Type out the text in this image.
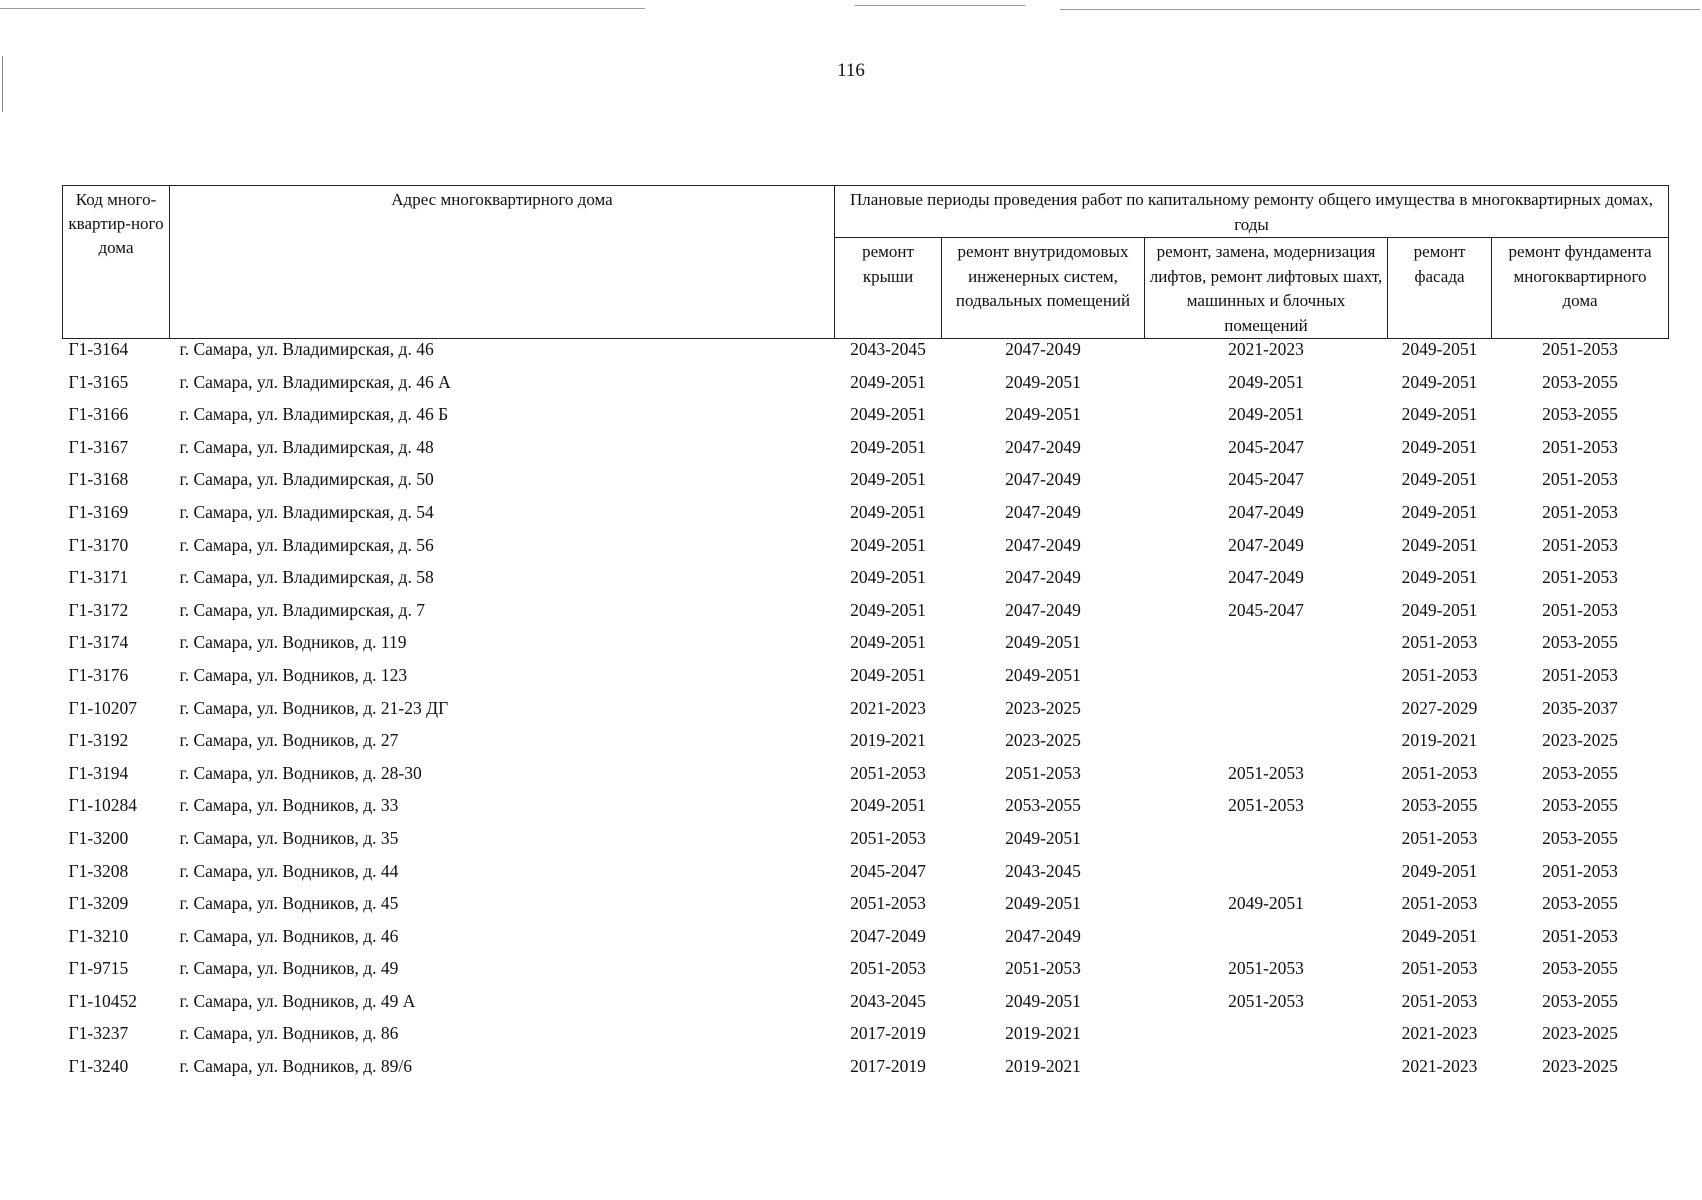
116
Код много-квартир-ного дома	Адрес многоквартирного дома	Плановые периоды проведения работ по капитальному ремонту общего имущества в многоквартирных домах, годы				
		ремонт крыши	ремонт внутридомовых инженерных систем, подвальных помещений	ремонт, замена, модернизация лифтов, ремонт лифтовых шахт, машинных и блочных помещений	ремонт фасада	ремонт фундамента многоквартирного дома
Г1-3164	г. Самара, ул. Владимирская, д. 46	2043-2045	2047-2049	2021-2023	2049-2051	2051-2053
Г1-3165	г. Самара, ул. Владимирская, д. 46 А	2049-2051	2049-2051	2049-2051	2049-2051	2053-2055
Г1-3166	г. Самара, ул. Владимирская, д. 46 Б	2049-2051	2049-2051	2049-2051	2049-2051	2053-2055
Г1-3167	г. Самара, ул. Владимирская, д. 48	2049-2051	2047-2049	2045-2047	2049-2051	2051-2053
Г1-3168	г. Самара, ул. Владимирская, д. 50	2049-2051	2047-2049	2045-2047	2049-2051	2051-2053
Г1-3169	г. Самара, ул. Владимирская, д. 54	2049-2051	2047-2049	2047-2049	2049-2051	2051-2053
Г1-3170	г. Самара, ул. Владимирская, д. 56	2049-2051	2047-2049	2047-2049	2049-2051	2051-2053
Г1-3171	г. Самара, ул. Владимирская, д. 58	2049-2051	2047-2049	2047-2049	2049-2051	2051-2053
Г1-3172	г. Самара, ул. Владимирская, д. 7	2049-2051	2047-2049	2045-2047	2049-2051	2051-2053
Г1-3174	г. Самара, ул. Водников, д. 119	2049-2051	2049-2051		2051-2053	2053-2055
Г1-3176	г. Самара, ул. Водников, д. 123	2049-2051	2049-2051		2051-2053	2051-2053
Г1-10207	г. Самара, ул. Водников, д. 21-23 ДГ	2021-2023	2023-2025		2027-2029	2035-2037
Г1-3192	г. Самара, ул. Водников, д. 27	2019-2021	2023-2025		2019-2021	2023-2025
Г1-3194	г. Самара, ул. Водников, д. 28-30	2051-2053	2051-2053	2051-2053	2051-2053	2053-2055
Г1-10284	г. Самара, ул. Водников, д. 33	2049-2051	2053-2055	2051-2053	2053-2055	2053-2055
Г1-3200	г. Самара, ул. Водников, д. 35	2051-2053	2049-2051		2051-2053	2053-2055
Г1-3208	г. Самара, ул. Водников, д. 44	2045-2047	2043-2045		2049-2051	2051-2053
Г1-3209	г. Самара, ул. Водников, д. 45	2051-2053	2049-2051	2049-2051	2051-2053	2053-2055
Г1-3210	г. Самара, ул. Водников, д. 46	2047-2049	2047-2049		2049-2051	2051-2053
Г1-9715	г. Самара, ул. Водников, д. 49	2051-2053	2051-2053	2051-2053	2051-2053	2053-2055
Г1-10452	г. Самара, ул. Водников, д. 49 А	2043-2045	2049-2051	2051-2053	2051-2053	2053-2055
Г1-3237	г. Самара, ул. Водников, д. 86	2017-2019	2019-2021		2021-2023	2023-2025
Г1-3240	г. Самара, ул. Водников, д. 89/6	2017-2019	2019-2021		2021-2023	2023-2025
